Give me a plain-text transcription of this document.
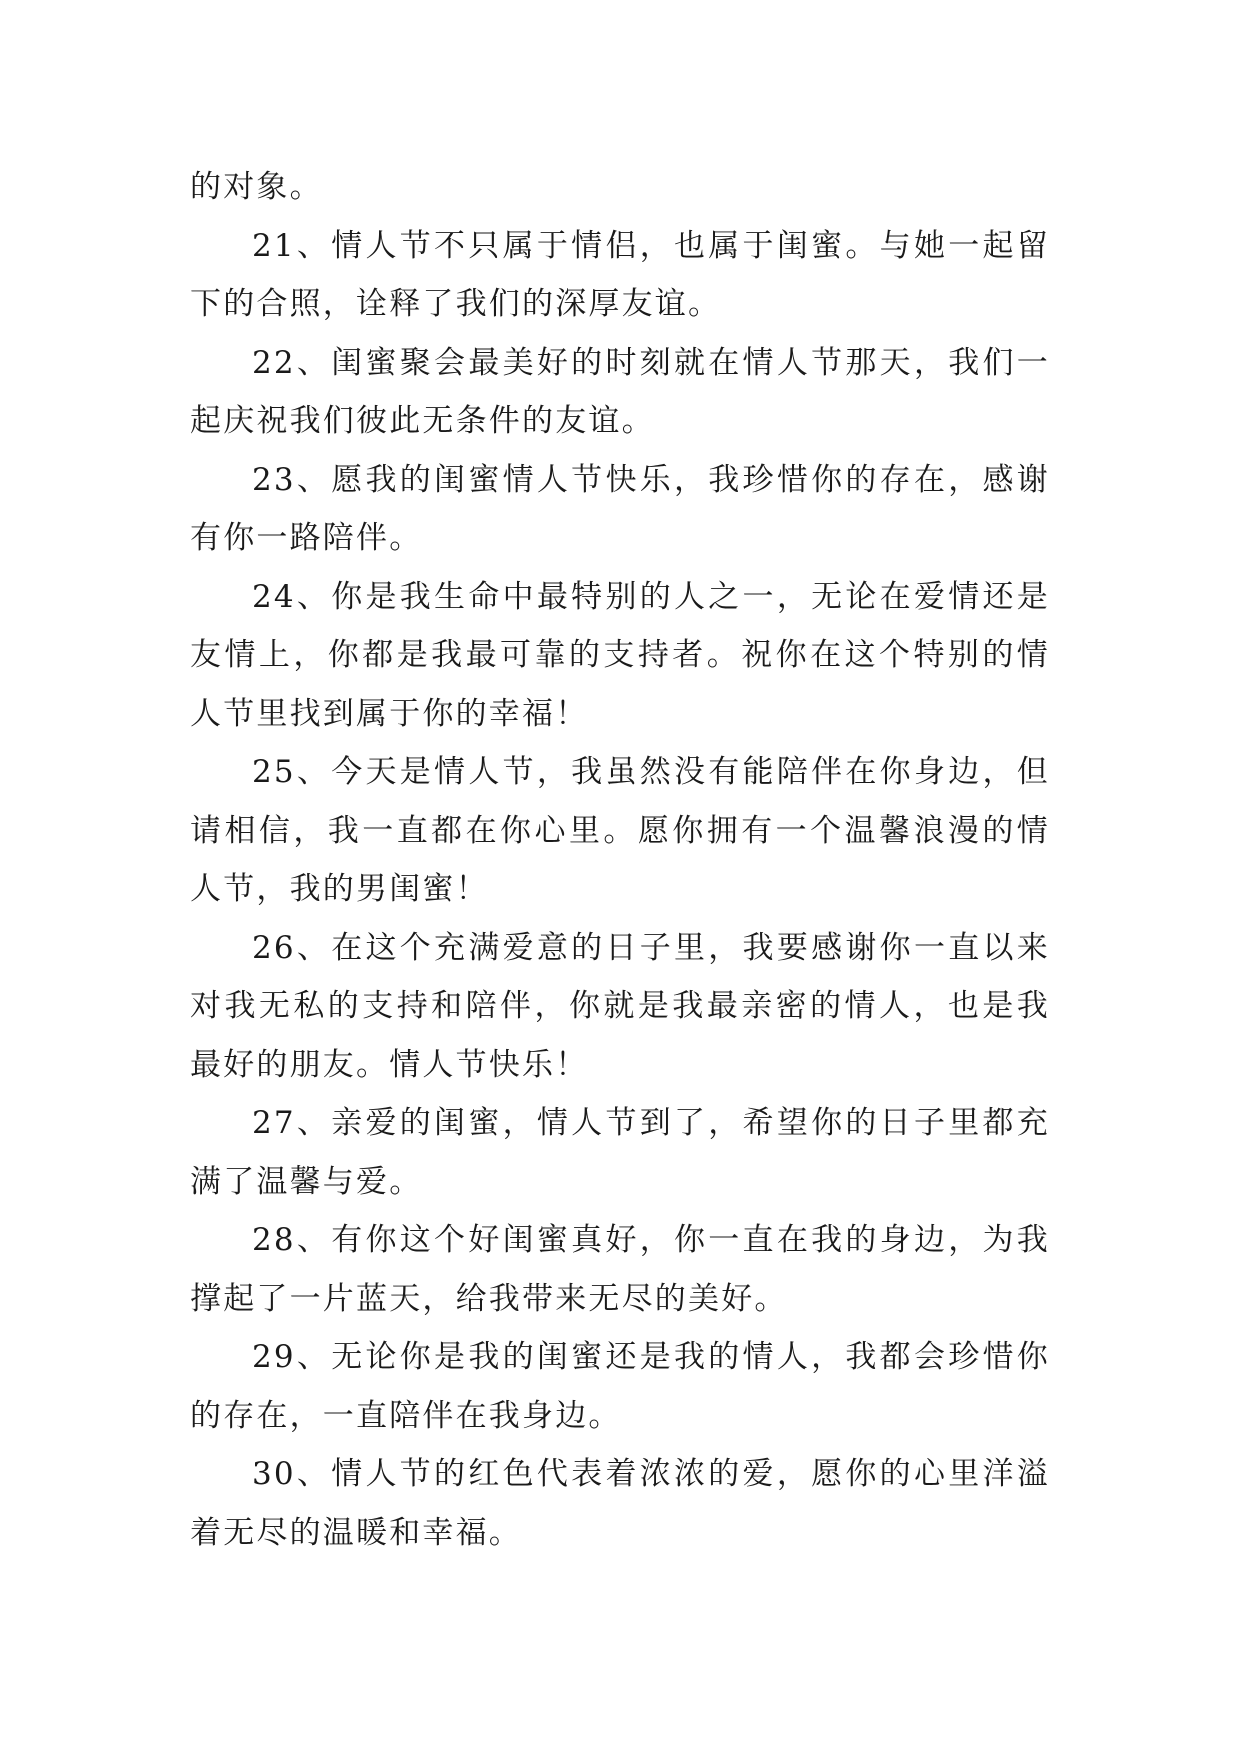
的对象。

21、情人节不只属于情侣，也属于闺蜜。与她一起留下的合照，诠释了我们的深厚友谊。

22、闺蜜聚会最美好的时刻就在情人节那天，我们一起庆祝我们彼此无条件的友谊。

23、愿我的闺蜜情人节快乐，我珍惜你的存在，感谢有你一路陪伴。

24、你是我生命中最特别的人之一，无论在爱情还是友情上，你都是我最可靠的支持者。祝你在这个特别的情人节里找到属于你的幸福！

25、今天是情人节，我虽然没有能陪伴在你身边，但请相信，我一直都在你心里。愿你拥有一个温馨浪漫的情人节，我的男闺蜜！

26、在这个充满爱意的日子里，我要感谢你一直以来对我无私的支持和陪伴，你就是我最亲密的情人，也是我最好的朋友。情人节快乐！

27、亲爱的闺蜜，情人节到了，希望你的日子里都充满了温馨与爱。

28、有你这个好闺蜜真好，你一直在我的身边，为我撑起了一片蓝天，给我带来无尽的美好。

29、无论你是我的闺蜜还是我的情人，我都会珍惜你的存在，一直陪伴在我身边。

30、情人节的红色代表着浓浓的爱，愿你的心里洋溢着无尽的温暖和幸福。
